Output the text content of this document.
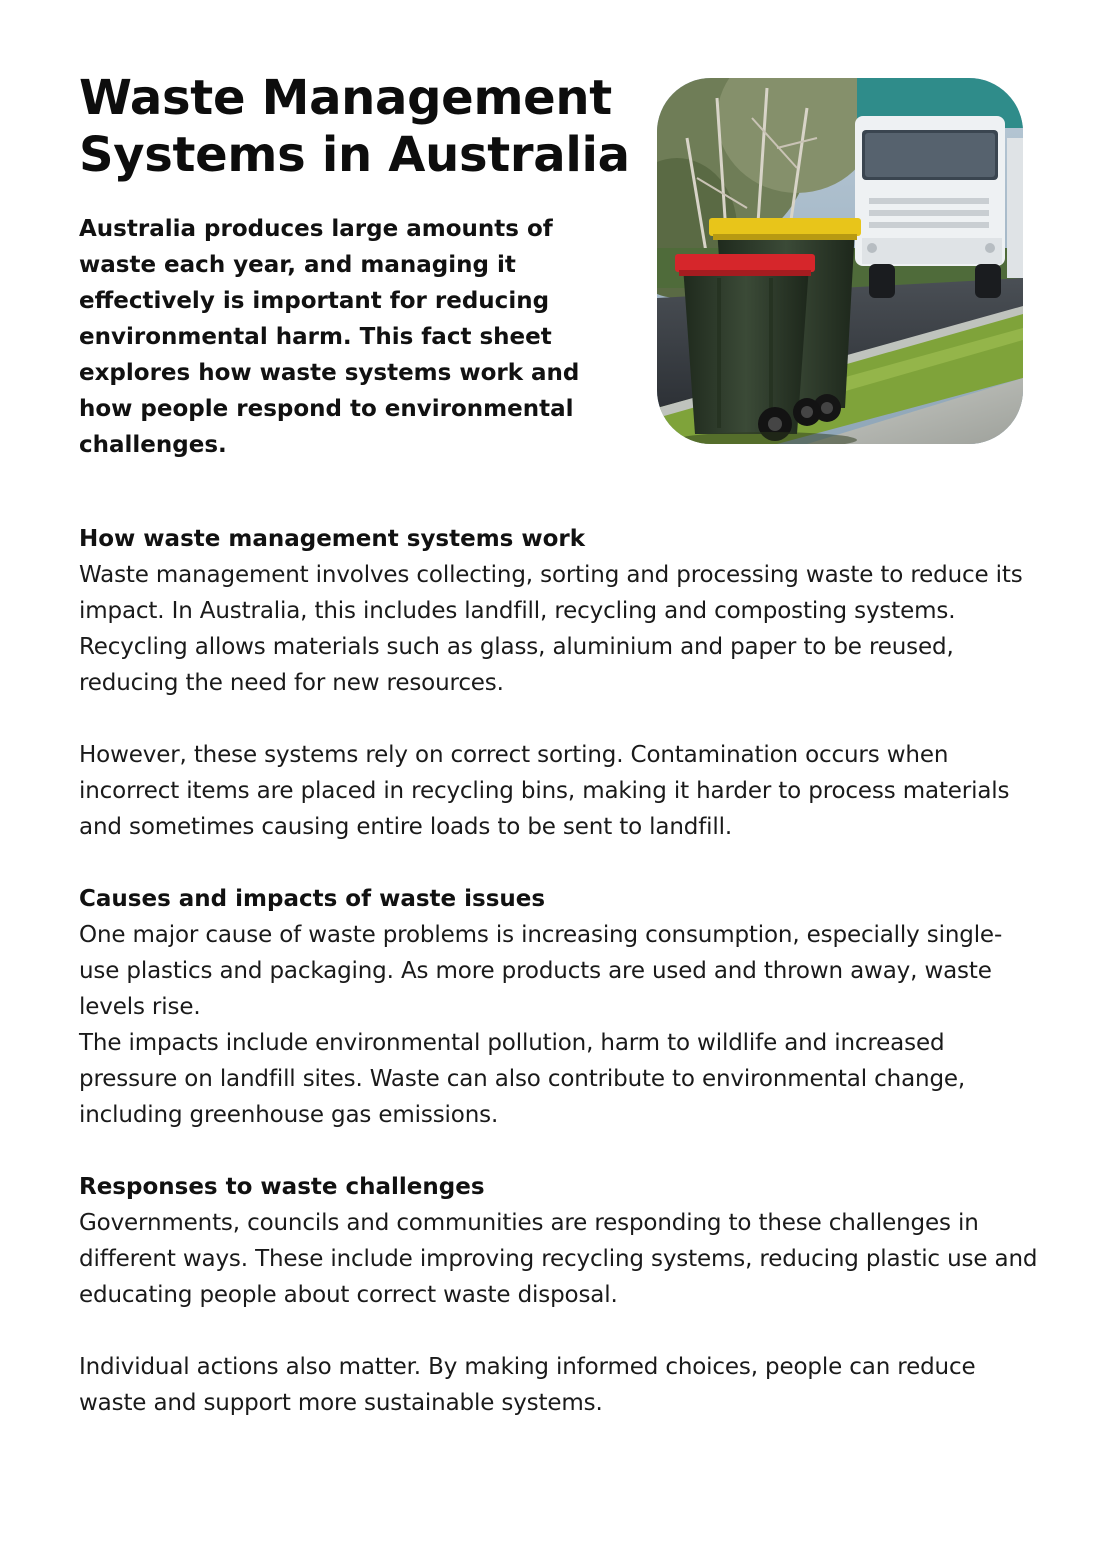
Waste Management
Systems in Australia

Australia produces large amounts of waste each year, and managing it effectively is important for reducing environmental harm. This fact sheet explores how waste systems work and how people respond to environmental challenges.

How waste management systems work

Waste management involves collecting, sorting and processing waste to reduce its impact. In Australia, this includes landfill, recycling and composting systems. Recycling allows materials such as glass, aluminium and paper to be reused, reducing the need for new resources.

However, these systems rely on correct sorting. Contamination occurs when incorrect items are placed in recycling bins, making it harder to process materials and sometimes causing entire loads to be sent to landfill.

Causes and impacts of waste issues

One major cause of waste problems is increasing consumption, especially single-use plastics and packaging. As more products are used and thrown away, waste levels rise.

The impacts include environmental pollution, harm to wildlife and increased pressure on landfill sites. Waste can also contribute to environmental change, including greenhouse gas emissions.

Responses to waste challenges

Governments, councils and communities are responding to these challenges in different ways. These include improving recycling systems, reducing plastic use and educating people about correct waste disposal.

Individual actions also matter. By making informed choices, people can reduce waste and support more sustainable systems.
